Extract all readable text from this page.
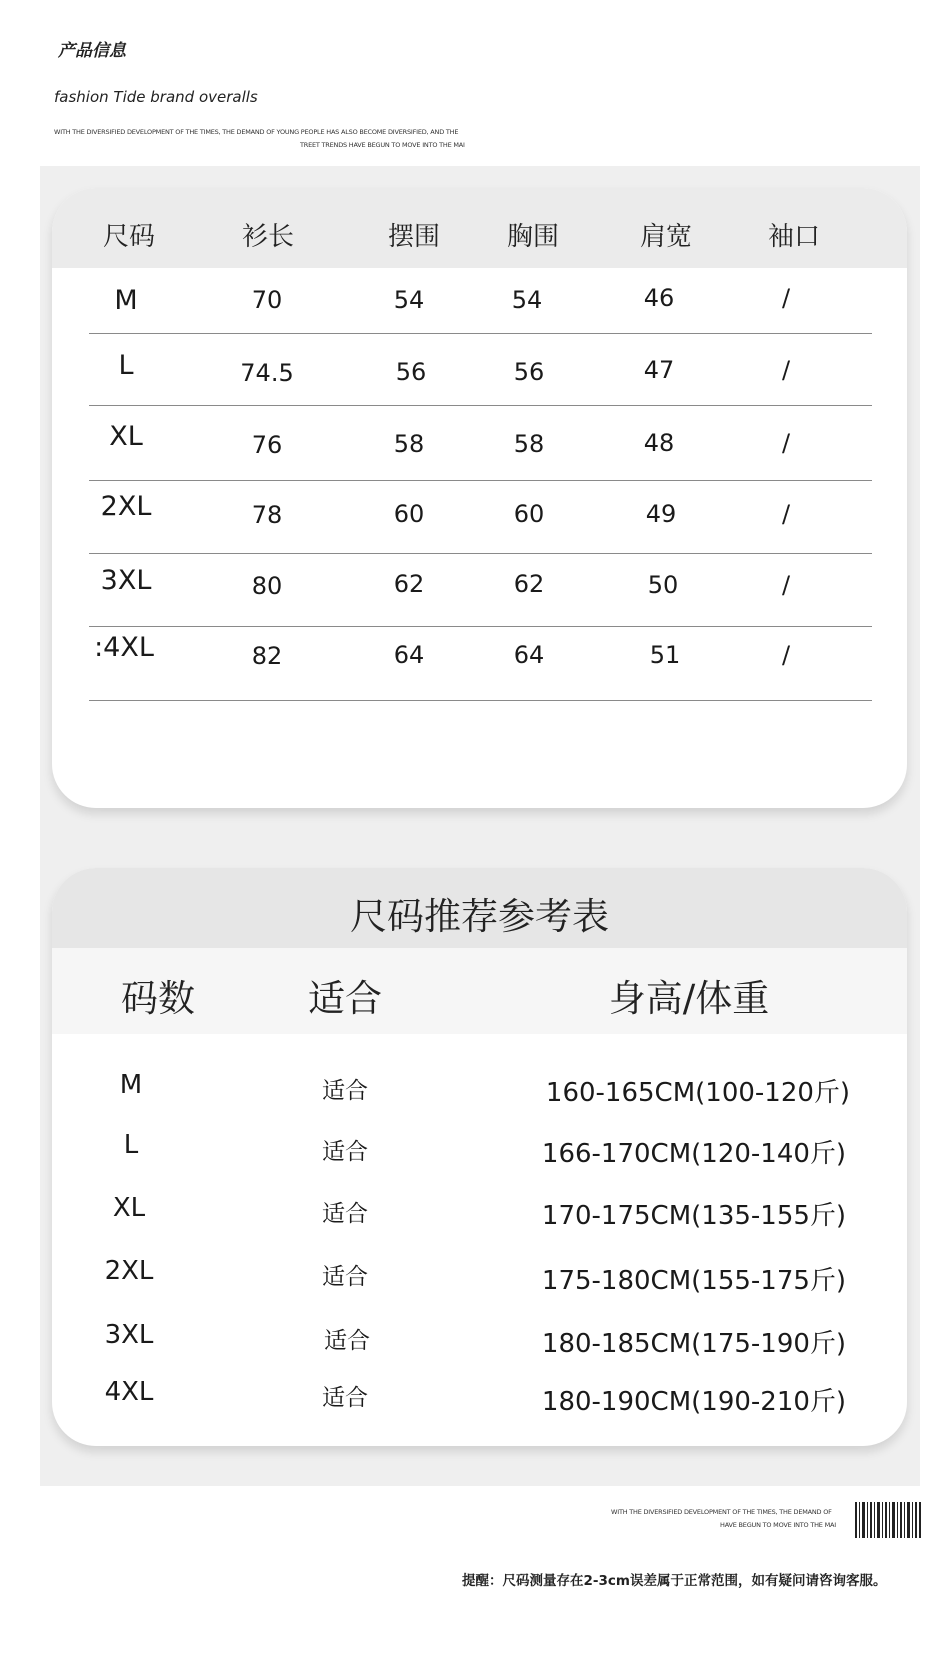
产品信息
fashion Tide brand overalls
WITH THE DIVERSIFIED DEVELOPMENT OF THE TIMES, THE DEMAND OF YOUNG PEOPLE HAS ALSO BECOME DIVERSIFIED, AND THE
TREET TRENDS HAVE BEGUN TO MOVE INTO THE MAI
尺码	衫长	摆围	胸围	肩宽	袖口
M	70	54	54	46	/
L	74.5	56	56	47	/
XL	76	58	58	48	/
2XL	78	60	60	49	/
3XL	80	62	62	50	/
:4XL	82	64	64	51	/
尺码推荐参考表
码数	适合	身高/体重
M	适合	160-165CM(100-120斤)
L	适合	166-170CM(120-140斤)
XL	适合	170-175CM(135-155斤)
2XL	适合	175-180CM(155-175斤)
3XL	适合	180-185CM(175-190斤)
4XL	适合	180-190CM(190-210斤)
WITH THE DIVERSIFIED DEVELOPMENT OF THE TIMES, THE DEMAND OF
HAVE BEGUN TO MOVE INTO THE MAI
提醒：尺码测量存在2-3cm误差属于正常范围，如有疑问请咨询客服。
